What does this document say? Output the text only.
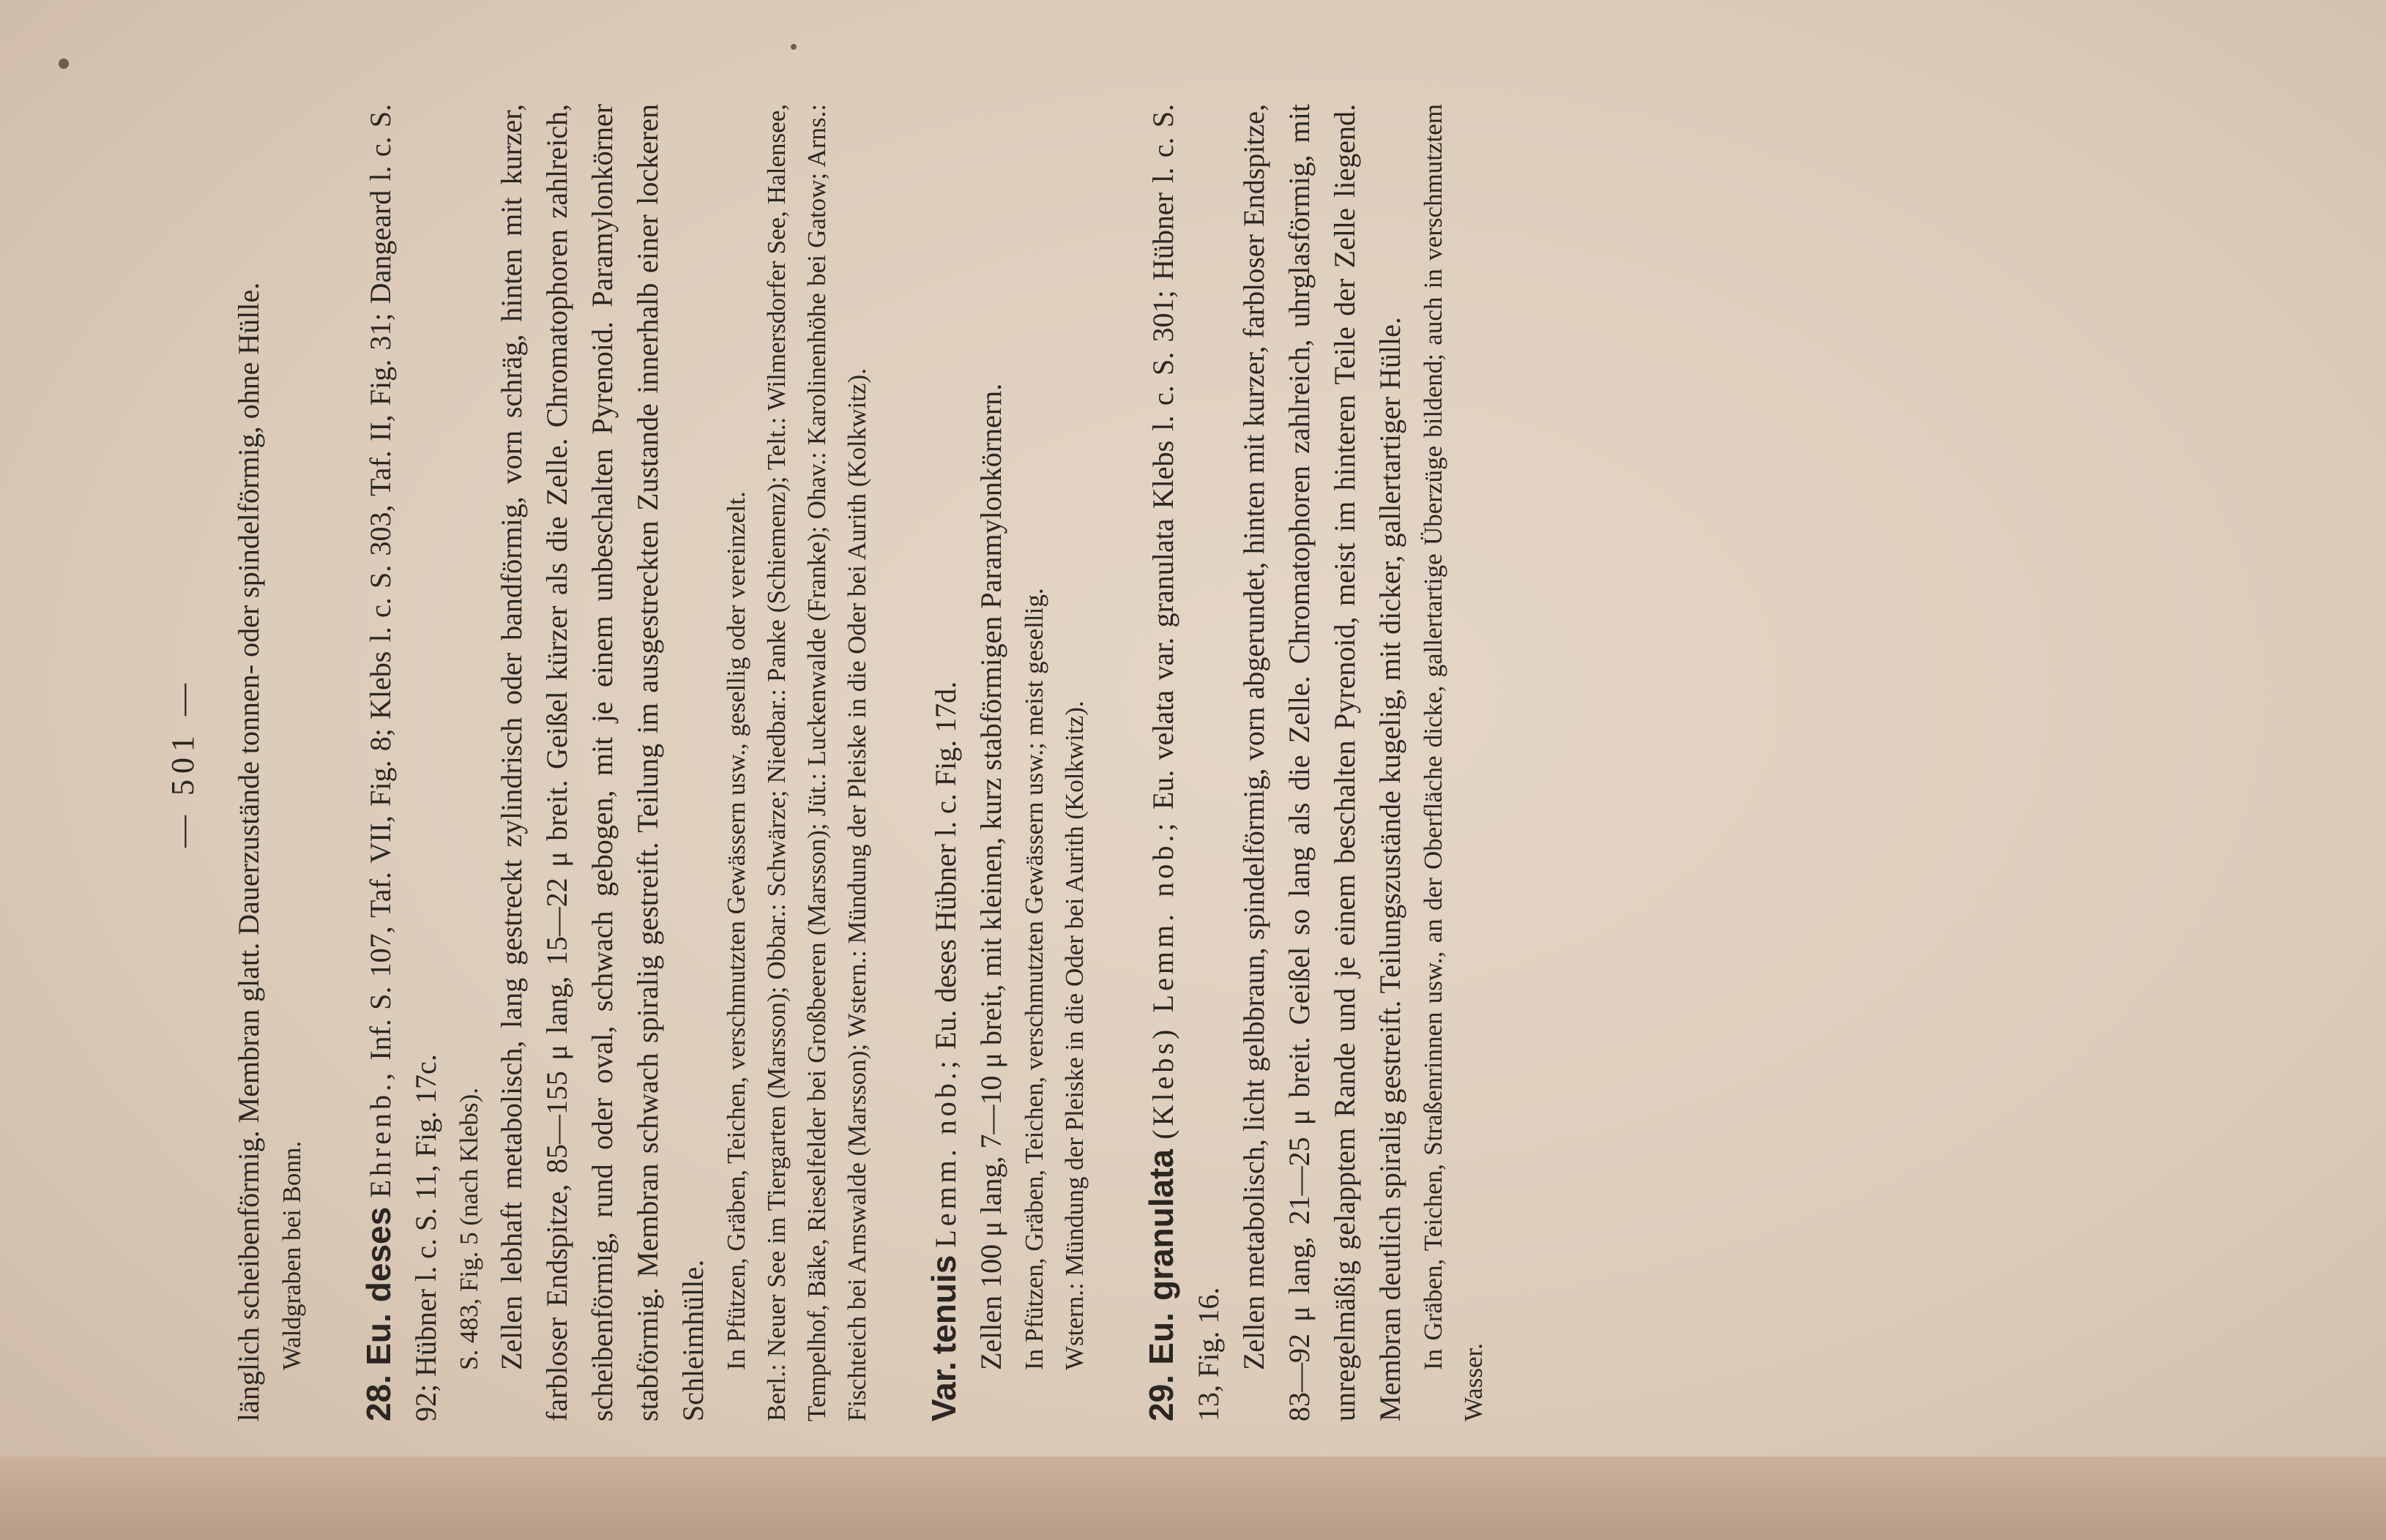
— 501 — länglich scheibenförmig. Membran glatt. Dauerzustände tonnen- oder spindelförmig, ohne Hülle. Waldgraben bei Bonn.

28. Eu. deses Ehrenb., Inf. S. 107, Taf. VII, Fig. 8; Klebs l. c. S. 303, Taf. II, Fig. 31; Dangeard l. c. S. 92; Hübner l. c. S. 11, Fig. 17c. S. 483, Fig. 5 (nach Klebs). Zellen lebhaft metabolisch, lang gestreckt zylindrisch oder bandförmig, vorn schräg, hinten mit kurzer, farbloser Endspitze, 85—155 μ lang, 15—22 μ breit. Geißel kürzer als die Zelle. Chromatophoren zahlreich, scheibenförmig, rund oder oval, schwach gebogen, mit je einem unbeschalten Pyrenoid. Paramylonkörner stabförmig. Membran schwach spiralig gestreift. Teilung im ausgestreckten Zustande innerhalb einer lockeren Schleimhülle. In Pfützen, Gräben, Teichen, verschmutzten Gewässern usw., gesellig oder vereinzelt. Berl.: Neuer See im Tiergarten (Marsson); Obbar.: Schwärze; Niedbar.: Panke (Schiemenz); Telt.: Wilmersdorfer See, Halensee, Tempelhof, Bäke, Rieselfelder bei Großbeeren (Marsson); Jüt.: Luckenwalde (Franke); Ohav.: Karolinenhöhe bei Gatow; Arns.: Fischteich bei Arnswalde (Marsson); Wstern.: Mündung der Pleiske in die Oder bei Aurith (Kolkwitz). Var. tenuis Lemm. nob.; Eu. deses Hübner l. c. Fig. 17d. Zellen 100 μ lang, 7—10 μ breit, mit kleinen, kurz stabförmigen Paramylonkörnern. In Pfützen, Gräben, Teichen, verschmutzten Gewässern usw.; meist gesellig. Wstern.: Mündung der Pleiske in die Oder bei Aurith (Kolkwitz).

29. Eu. granulata (Klebs) Lemm. nob.; Eu. velata var. granulata Klebs l. c. S. 301; Hübner l. c. S. 13, Fig. 16. Zellen metabolisch, licht gelbbraun, spindelförmig, vorn abgerundet, hinten mit kurzer, farbloser Endspitze, 83—92 μ lang, 21—25 μ breit. Geißel so lang als die Zelle. Chromatophoren zahlreich, uhrglasförmig, mit unregelmäßig gelapptem Rande und je einem beschalten Pyrenoid, meist im hinteren Teile der Zelle liegend. Membran deutlich spiralig gestreift. Teilungszustände kugelig, mit dicker, gallertartiger Hülle. In Gräben, Teichen, Straßenrinnen usw., an der Oberfläche dicke, gallertartige Überzüge bildend; auch in verschmutztem Wasser.
